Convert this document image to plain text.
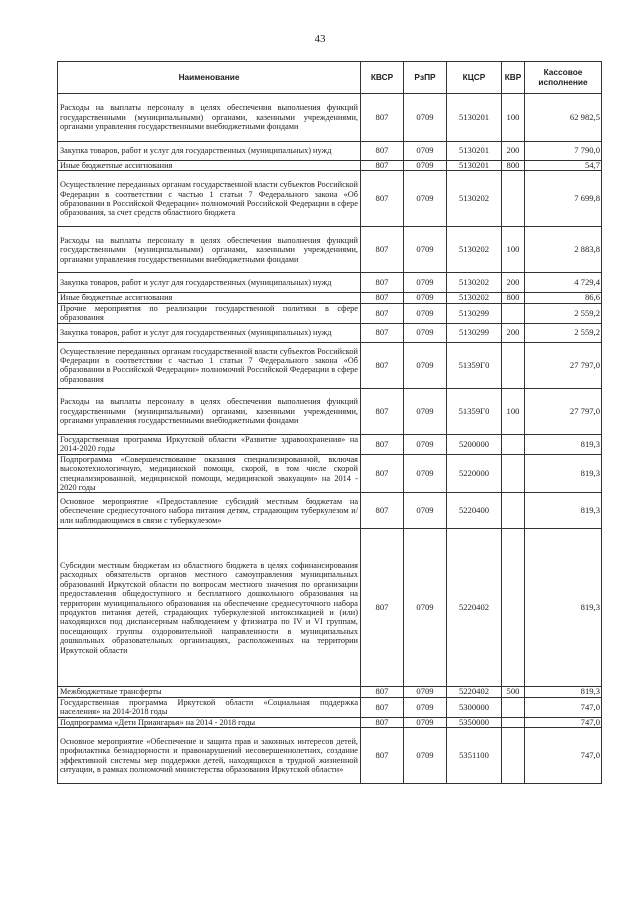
43
Наименование	КВСР	РзПР	КЦСР	КВР	Кассовое исполнение
Расходы на выплаты персоналу в целях обеспечения выполнения функций государственными (муниципальными) органами, казенными учреждениями, органами управления государственными внебюджетными фондами	807	0709	5130201	100	62 982,5
Закупка товаров, работ и услуг для государственных (муниципальных) нужд	807	0709	5130201	200	7 790,0
Иные бюджетные ассигнования	807	0709	5130201	800	54,7
Осуществление переданных органам государственной власти субъектов Российской Федерации в соответствии с частью 1 статьи 7 Федерального закона «Об образовании в Российской Федерации» полномочий Российской Федерации в сфере образования, за счет средств областного бюджета	807	0709	5130202		7 699,8
Расходы на выплаты персоналу в целях обеспечения выполнения функций государственными (муниципальными) органами, казенными учреждениями, органами управления государственными внебюджетными фондами	807	0709	5130202	100	2 883,8
Закупка товаров, работ и услуг для государственных (муниципальных) нужд	807	0709	5130202	200	4 729,4
Иные бюджетные ассигнования	807	0709	5130202	800	86,6
Прочие мероприятия по реализации государственной политики в сфере образования	807	0709	5130299		2 559,2
Закупка товаров, работ и услуг для государственных (муниципальных) нужд	807	0709	5130299	200	2 559,2
Осуществление переданных органам государственной власти субъектов Российской Федерации в соответствии с частью 1 статьи 7 Федерального закона «Об образовании в Российской Федерации» полномочий Российской Федерации в сфере образования	807	0709	51359Г0		27 797,0
Расходы на выплаты персоналу в целях обеспечения выполнения функций государственными (муниципальными) органами, казенными учреждениями, органами управления государственными внебюджетными фондами	807	0709	51359Г0	100	27 797,0
Государственная программа Иркутской области «Развитие здравоохранения» на 2014-2020 годы	807	0709	5200000		819,3
Подпрограмма «Совершенствование оказания специализированной, включая высокотехнологичную, медицинской помощи, скорой, в том числе скорой специализированной, медицинской помощи, медицинской эвакуации» на 2014 - 2020 годы	807	0709	5220000		819,3
Основное мероприятие «Предоставление субсидий местным бюджетам на обеспечение среднесуточного набора питания детям, страдающим туберкулезом и/или наблюдающимся в связи с туберкулезом»	807	0709	5220400		819,3
Субсидии местным бюджетам из областного бюджета в целях софинансирования расходных обязательств органов местного самоуправления муниципальных образований Иркутской области по вопросам местного значения по организации предоставления общедоступного и бесплатного дошкольного образования на территории муниципального образования на обеспечение среднесуточного набора продуктов питания детей, страдающих туберкулезной интоксикацией и (или) находящихся под диспансерным наблюдением у фтизиатра по IV и VI группам, посещающих группы оздоровительной направленности в муниципальных дошкольных образовательных организациях, расположенных на территории Иркутской области	807	0709	5220402		819,3
Межбюджетные трансферты	807	0709	5220402	500	819,3
Государственная программа Иркутской области «Социальная поддержка населения» на 2014-2018 годы	807	0709	5300000		747,0
Подпрограмма «Дети Приангарья» на 2014 - 2018 годы	807	0709	5350000		747,0
Основное мероприятие «Обеспечение и защита прав и законных интересов детей, профилактика безнадзорности и правонарушений несовершеннолетних, создание эффективной системы мер поддержки детей, находящихся в трудной жизненной ситуации, в рамках полномочий министерства образования Иркутской области»	807	0709	5351100		747,0
